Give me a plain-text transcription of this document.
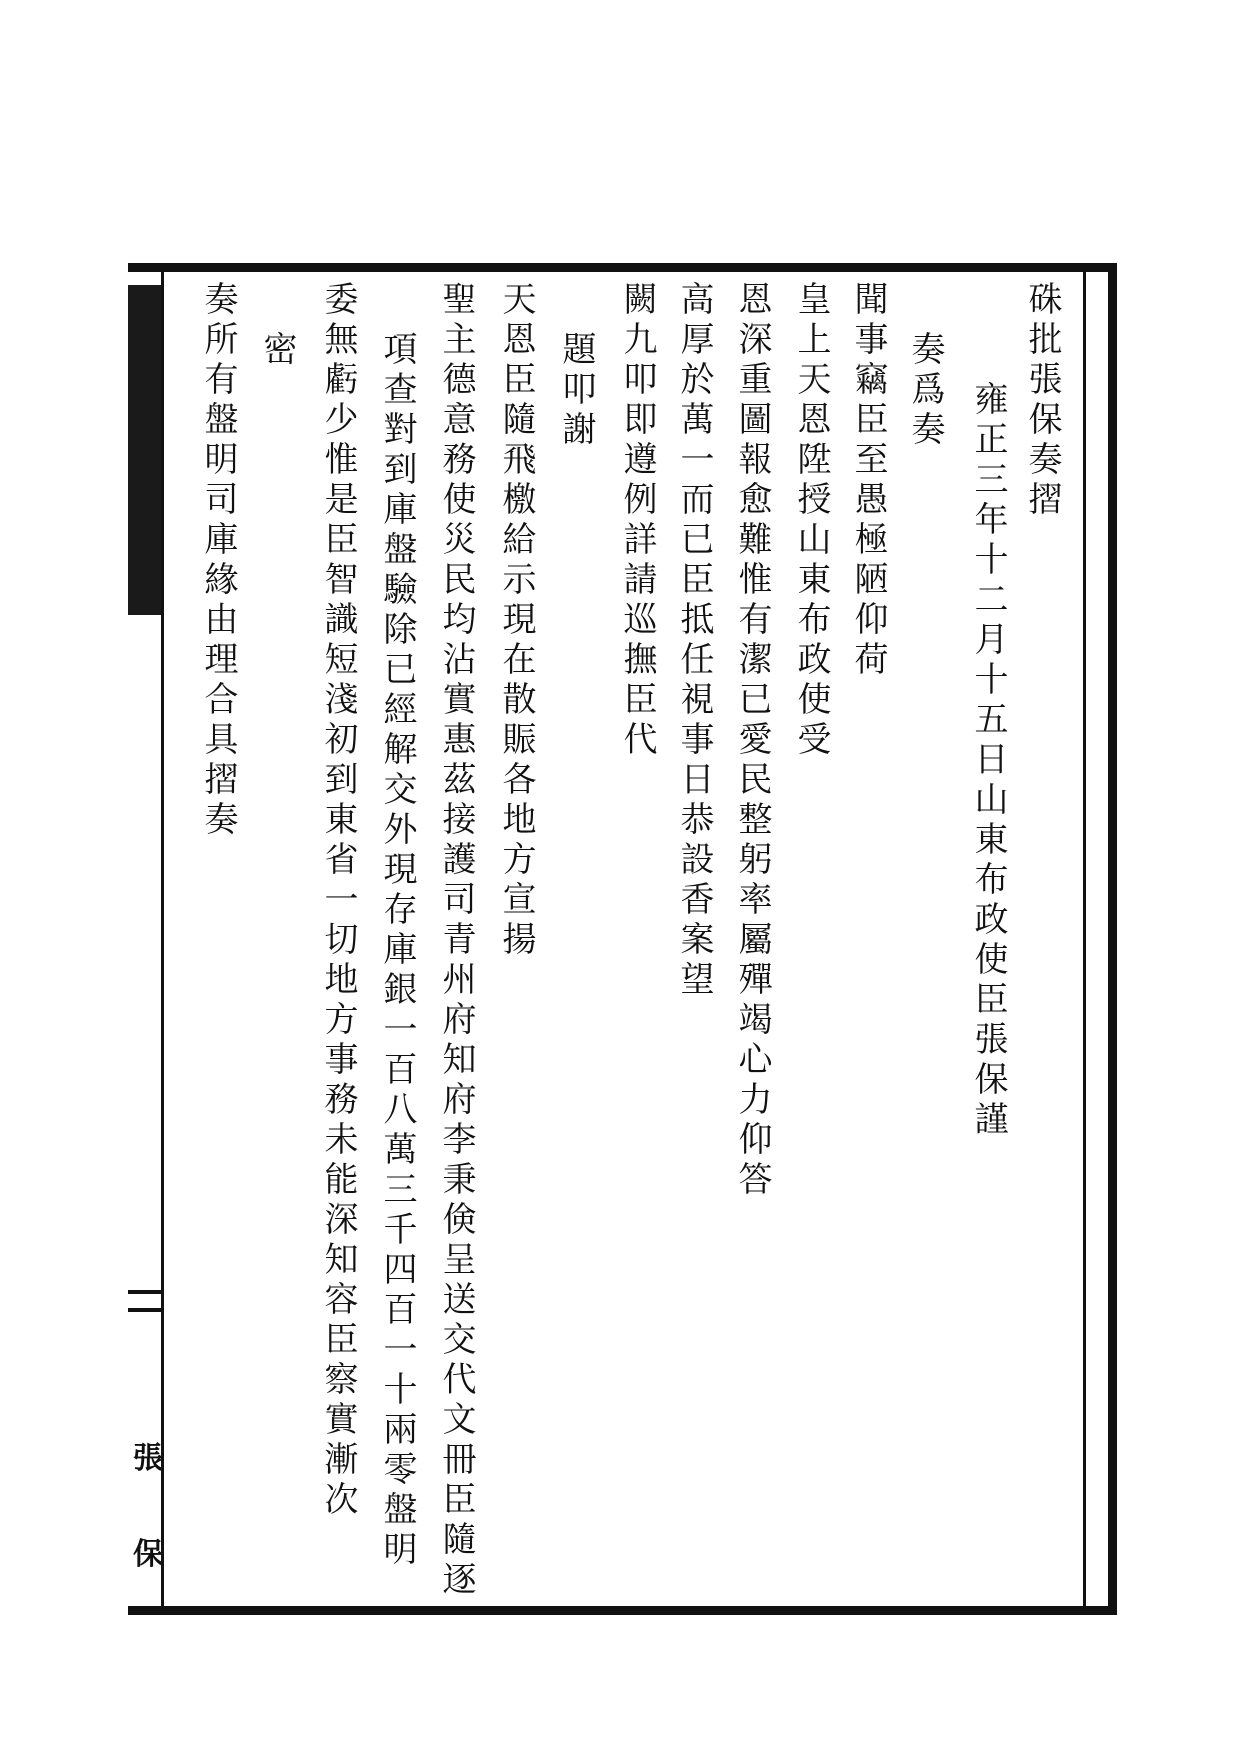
張
保
硃批張保奏摺
雍正三年十二月十五日山東布政使臣張保謹
奏爲奏
聞事竊臣至愚極陋仰荷
皇上天恩陞授山東布政使受
恩深重圖報愈難惟有潔已愛民整躬率屬殫竭心力仰答
高厚於萬一而已臣抵任視事日恭設香案望
闕九叩即遵例詳請巡撫臣代
題叩謝
天恩臣隨飛檄給示現在散賑各地方宣揚
聖主德意務使災民均沾實惠茲接護司青州府知府李秉倹呈送交代文冊臣隨逐
項查對到庫盤驗除已經解交外現存庫銀一百八萬三千四百一十兩零盤明
委無虧少惟是臣智識短淺初到東省一切地方事務未能深知容臣察實漸次
密
奏所有盤明司庫緣由理合具摺奏
